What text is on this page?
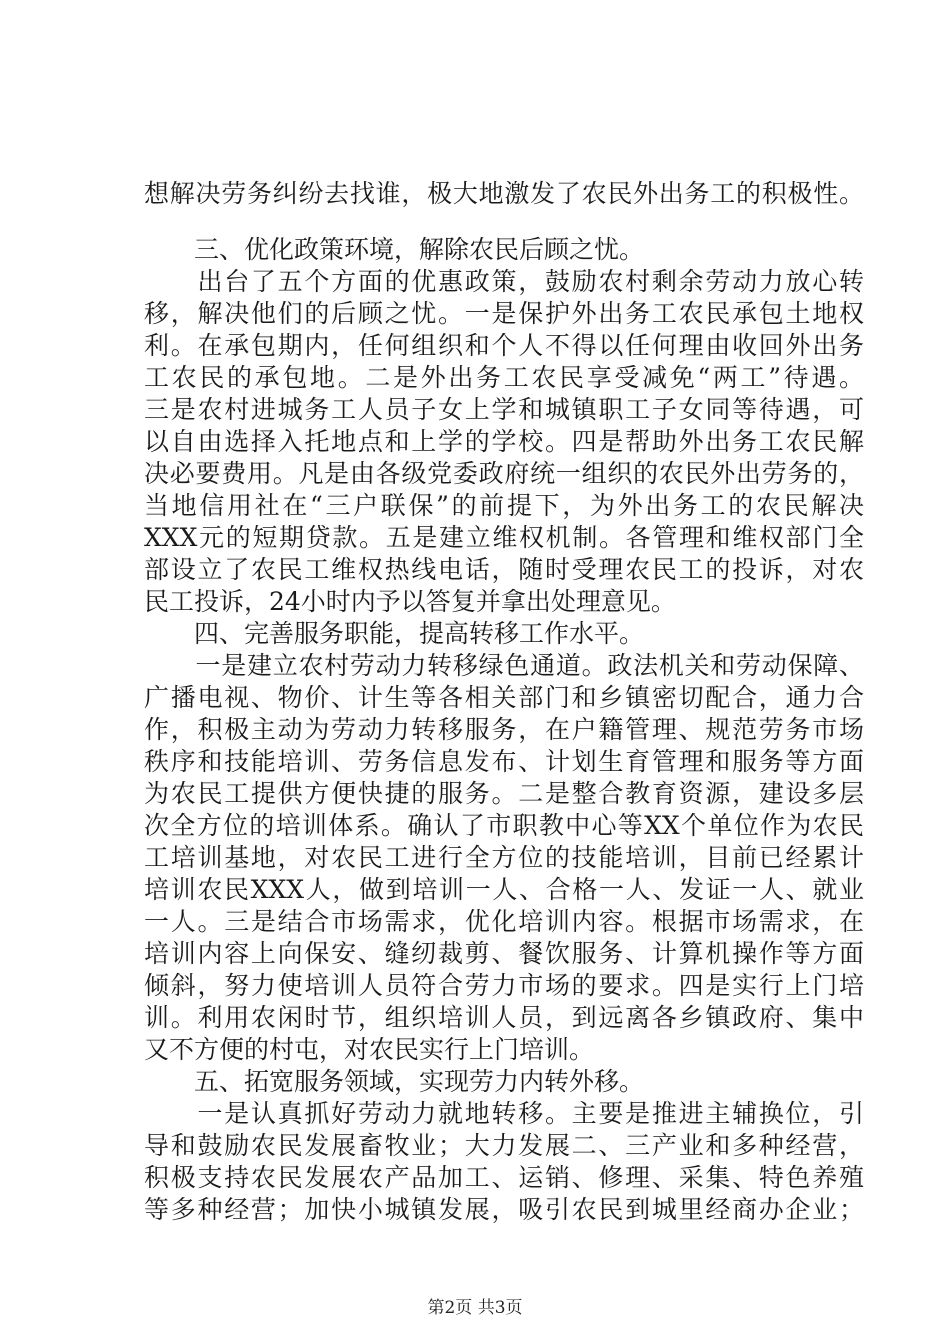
想解决劳务纠纷去找谁，极大地激发了农民外出务工的积极性。
　　三、优化政策环境，解除农民后顾之忧。
　　出台了五个方面的优惠政策，鼓励农村剩余劳动力放心转
移，解决他们的后顾之忧。一是保护外出务工农民承包土地权
利。在承包期内，任何组织和个人不得以任何理由收回外出务
工农民的承包地。二是外出务工农民享受减免“两工”待遇。
三是农村进城务工人员子女上学和城镇职工子女同等待遇，可
以自由选择入托地点和上学的学校。四是帮助外出务工农民解
决必要费用。凡是由各级党委政府统一组织的农民外出劳务的，
当地信用社在“三户联保”的前提下，为外出务工的农民解决
XXX元的短期贷款。五是建立维权机制。各管理和维权部门全
部设立了农民工维权热线电话，随时受理农民工的投诉，对农
民工投诉，24小时内予以答复并拿出处理意见。
　　四、完善服务职能，提高转移工作水平。
　　一是建立农村劳动力转移绿色通道。政法机关和劳动保障、
广播电视、物价、计生等各相关部门和乡镇密切配合，通力合
作，积极主动为劳动力转移服务，在户籍管理、规范劳务市场
秩序和技能培训、劳务信息发布、计划生育管理和服务等方面
为农民工提供方便快捷的服务。二是整合教育资源，建设多层
次全方位的培训体系。确认了市职教中心等XX个单位作为农民
工培训基地，对农民工进行全方位的技能培训，目前已经累计
培训农民XXX人，做到培训一人、合格一人、发证一人、就业
一人。三是结合市场需求，优化培训内容。根据市场需求，在
培训内容上向保安、缝纫裁剪、餐饮服务、计算机操作等方面
倾斜，努力使培训人员符合劳力市场的要求。四是实行上门培
训。利用农闲时节，组织培训人员，到远离各乡镇政府、集中
又不方便的村屯，对农民实行上门培训。
　　五、拓宽服务领域，实现劳力内转外移。
　　一是认真抓好劳动力就地转移。主要是推进主辅换位，引
导和鼓励农民发展畜牧业；大力发展二、三产业和多种经营，
积极支持农民发展农产品加工、运销、修理、采集、特色养殖
等多种经营；加快小城镇发展，吸引农民到城里经商办企业；
第2页 共3页
